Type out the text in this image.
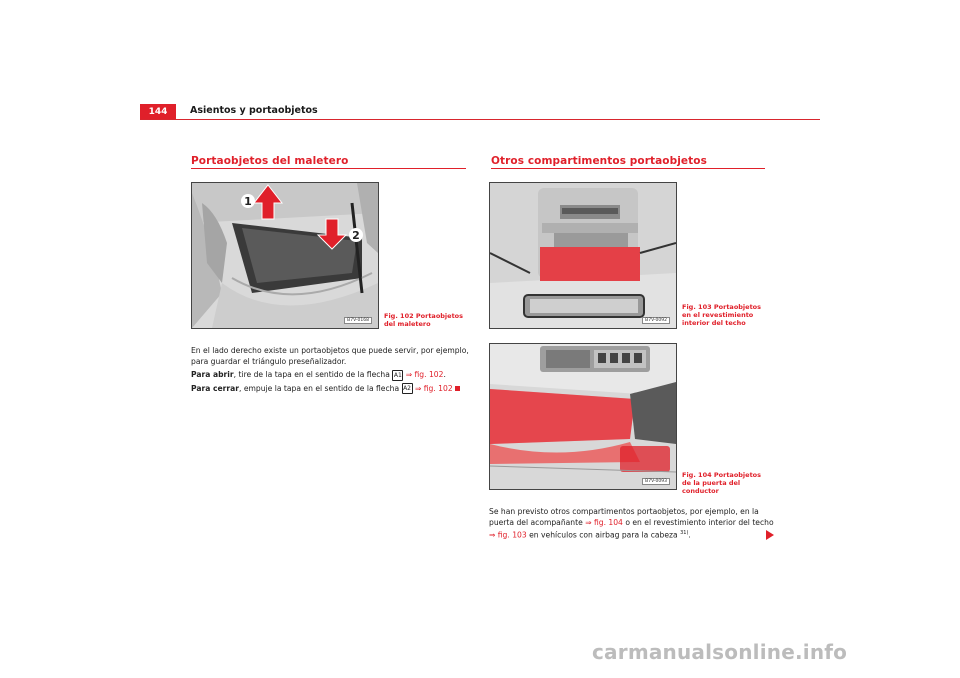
144	Asientos y portaobjetos
Portaobjetos del maletero
1
2
B7V-0168
Fig. 102 Portaobjetos del maletero
En el lado derecho existe un portaobjetos que puede servir, por ejemplo, para guardar el triángulo preseñalizador.
Para abrir, tire de la tapa en el sentido de la flecha A1 ⇒ fig. 102.
Para cerrar, empuje la tapa en el sentido de la flecha A2 ⇒ fig. 102
Otros compartimentos portaobjetos
B7V-0092
Fig. 103 Portaobjetos en el revestimiento interior del techo
B7V-0093
Fig. 104 Portaobjetos de la puerta del conductor
Se han previsto otros compartimentos portaobjetos, por ejemplo, en la puerta del acompañante ⇒ fig. 104 o en el revestimiento interior del techo ⇒ fig. 103 en vehículos con airbag para la cabeza $^{31)}$.
carmanualsonline.info
